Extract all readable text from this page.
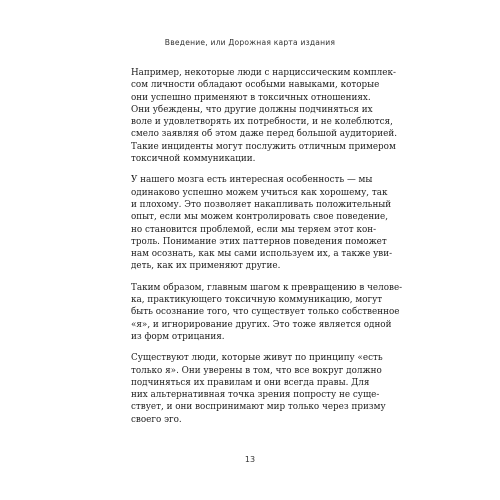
Введение, или Дорожная карта издания

Например, некоторые люди с нарциссическим комплек-
сом личности обладают особыми навыками, которые
они успешно применяют в токсичных отношениях.
Они убеждены, что другие должны подчиняться их
воле и удовлетворять их потребности, и не колеблются,
смело заявляя об этом даже перед большой аудиторией.
Такие инциденты могут послужить отличным примером
токсичной коммуникации.

У нашего мозга есть интересная особенность — мы
одинаково успешно можем учиться как хорошему, так
и плохому. Это позволяет накапливать положительный
опыт, если мы можем контролировать свое поведение,
но становится проблемой, если мы теряем этот кон-
троль. Понимание этих паттернов поведения поможет
нам осознать, как мы сами используем их, а также уви-
деть, как их применяют другие.

Таким образом, главным шагом к превращению в челове-
ка, практикующего токсичную коммуникацию, могут
быть осознание того, что существует только собственное
«я», и игнорирование других. Это тоже является одной
из форм отрицания.

Существуют люди, которые живут по принципу «есть
только я». Они уверены в том, что все вокруг должно
подчиняться их правилам и они всегда правы. Для
них альтернативная точка зрения попросту не суще-
ствует, и они воспринимают мир только через призму
своего эго.

13
